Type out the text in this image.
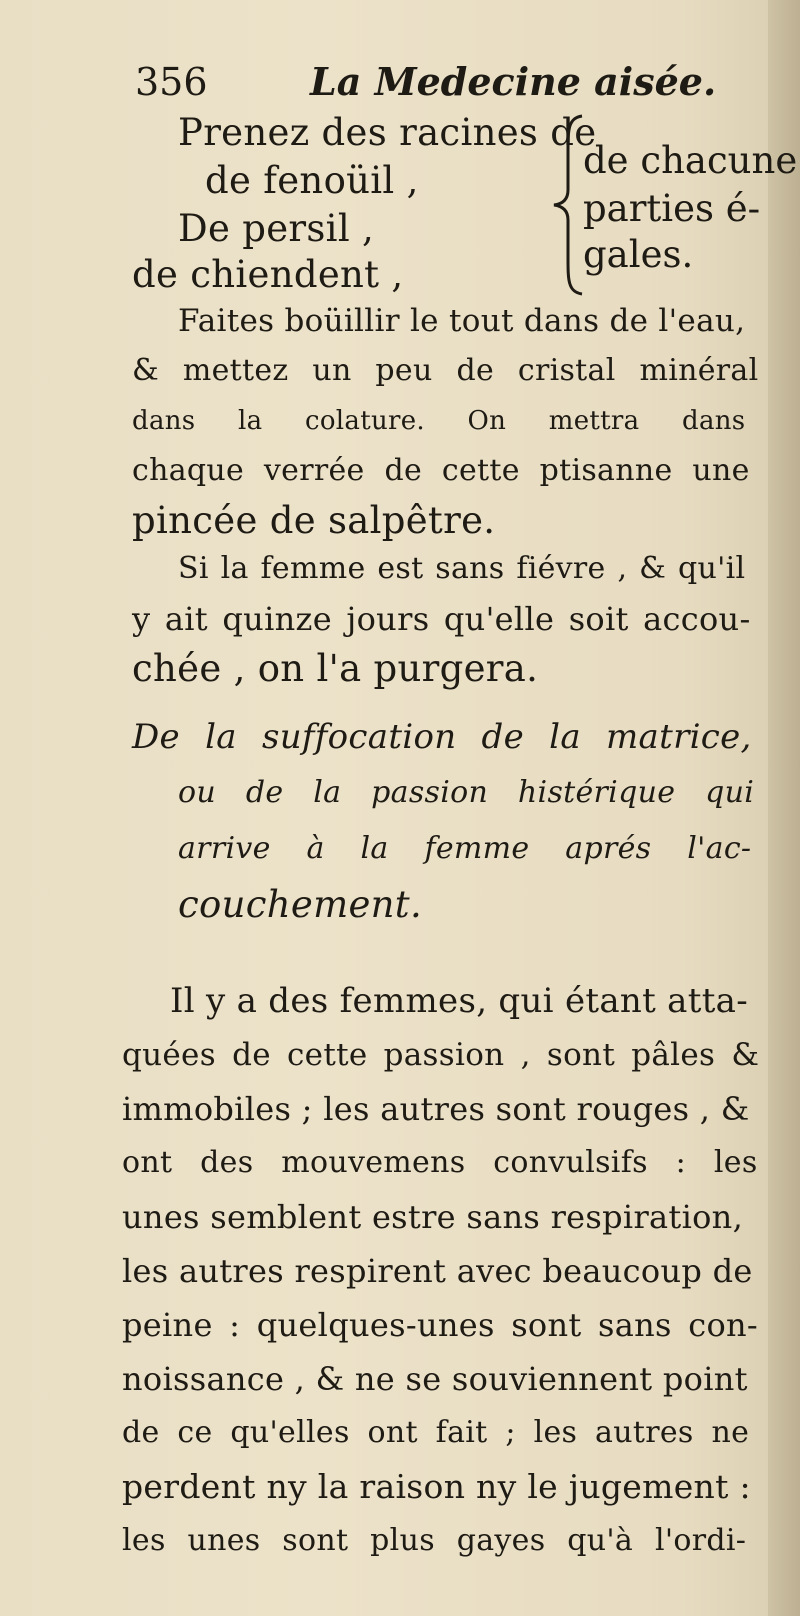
356	La Medecine aisée.
Prenez des racines de
de fenoüil ,
De persil ,
de chiendent ,
de chacune
parties é-
gales.
Faites boüillir le tout dans de l'eau,
& mettez un peu de cristal minéral
dans la colature. On mettra dans
chaque verrée de cette ptisanne une
pincée de salpêtre.
Si la femme est sans fiévre , & qu'il
y ait quinze jours qu'elle soit accou-
chée , on l'a purgera.
De la suffocation de la matrice,
ou de la passion histérique qui
arrive à la femme aprés l'ac-
couchement.
Il y a des femmes, qui étant atta-
quées de cette passion , sont pâles &
immobiles ; les autres sont rouges , &
ont des mouvemens convulsifs : les
unes semblent estre sans respiration,
les autres respirent avec beaucoup de
peine : quelques-unes sont sans con-
noissance , & ne se souviennent point
de ce qu'elles ont fait ; les autres ne
perdent ny la raison ny le jugement :
les unes sont plus gayes qu'à l'ordi-
